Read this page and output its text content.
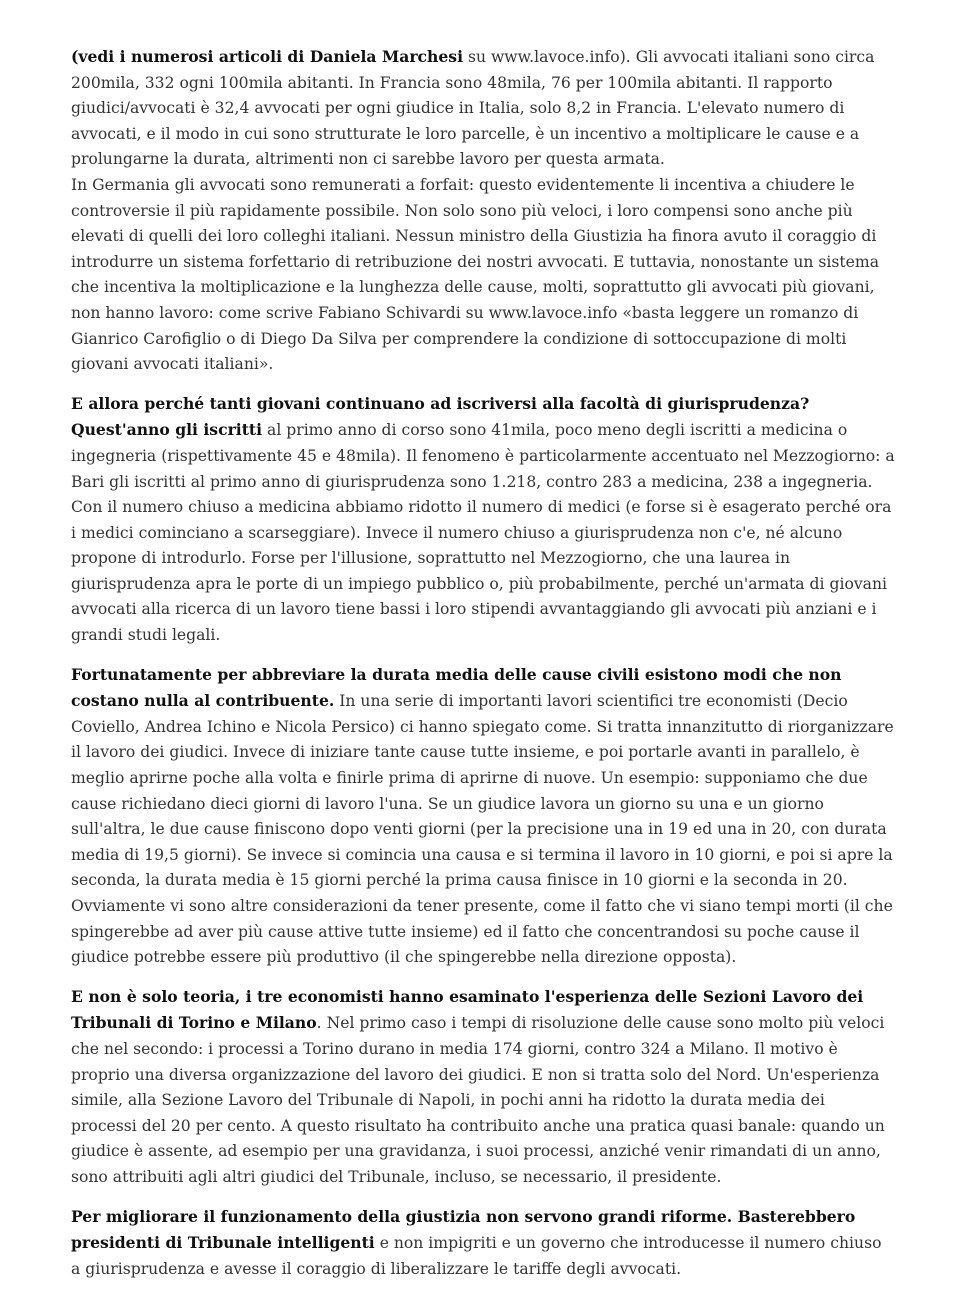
(vedi i numerosi articoli di Daniela Marchesi su www.lavoce.info). Gli avvocati italiani sono circa 200mila, 332 ogni 100mila abitanti. In Francia sono 48mila, 76 per 100mila abitanti. Il rapporto giudici/avvocati è 32,4 avvocati per ogni giudice in Italia, solo 8,2 in Francia. L'elevato numero di avvocati, e il modo in cui sono strutturate le loro parcelle, è un incentivo a moltiplicare le cause e a prolungarne la durata, altrimenti non ci sarebbe lavoro per questa armata.
In Germania gli avvocati sono remunerati a forfait: questo evidentemente li incentiva a chiudere le controversie il più rapidamente possibile. Non solo sono più veloci, i loro compensi sono anche più elevati di quelli dei loro colleghi italiani. Nessun ministro della Giustizia ha finora avuto il coraggio di introdurre un sistema forfettario di retribuzione dei nostri avvocati. E tuttavia, nonostante un sistema che incentiva la moltiplicazione e la lunghezza delle cause, molti, soprattutto gli avvocati più giovani, non hanno lavoro: come scrive Fabiano Schivardi su www.lavoce.info «basta leggere un romanzo di Gianrico Carofiglio o di Diego Da Silva per comprendere la condizione di sottoccupazione di molti giovani avvocati italiani».

E allora perché tanti giovani continuano ad iscriversi alla facoltà di giurisprudenza? Quest'anno gli iscritti al primo anno di corso sono 41mila, poco meno degli iscritti a medicina o ingegneria (rispettivamente 45 e 48mila). Il fenomeno è particolarmente accentuato nel Mezzogiorno: a Bari gli iscritti al primo anno di giurisprudenza sono 1.218, contro 283 a medicina, 238 a ingegneria. Con il numero chiuso a medicina abbiamo ridotto il numero di medici (e forse si è esagerato perché ora i medici cominciano a scarseggiare). Invece il numero chiuso a giurisprudenza non c'e, né alcuno propone di introdurlo. Forse per l'illusione, soprattutto nel Mezzogiorno, che una laurea in giurisprudenza apra le porte di un impiego pubblico o, più probabilmente, perché un'armata di giovani avvocati alla ricerca di un lavoro tiene bassi i loro stipendi avvantaggiando gli avvocati più anziani e i grandi studi legali.

Fortunatamente per abbreviare la durata media delle cause civili esistono modi che non costano nulla al contribuente. In una serie di importanti lavori scientifici tre economisti (Decio Coviello, Andrea Ichino e Nicola Persico) ci hanno spiegato come. Si tratta innanzitutto di riorganizzare il lavoro dei giudici. Invece di iniziare tante cause tutte insieme, e poi portarle avanti in parallelo, è meglio aprirne poche alla volta e finirle prima di aprirne di nuove. Un esempio: supponiamo che due cause richiedano dieci giorni di lavoro l'una. Se un giudice lavora un giorno su una e un giorno sull'altra, le due cause finiscono dopo venti giorni (per la precisione una in 19 ed una in 20, con durata media di 19,5 giorni). Se invece si comincia una causa e si termina il lavoro in 10 giorni, e poi si apre la seconda, la durata media è 15 giorni perché la prima causa finisce in 10 giorni e la seconda in 20. Ovviamente vi sono altre considerazioni da tener presente, come il fatto che vi siano tempi morti (il che spingerebbe ad aver più cause attive tutte insieme) ed il fatto che concentrandosi su poche cause il giudice potrebbe essere più produttivo (il che spingerebbe nella direzione opposta).

E non è solo teoria, i tre economisti hanno esaminato l'esperienza delle Sezioni Lavoro dei Tribunali di Torino e Milano. Nel primo caso i tempi di risoluzione delle cause sono molto più veloci che nel secondo: i processi a Torino durano in media 174 giorni, contro 324 a Milano. Il motivo è proprio una diversa organizzazione del lavoro dei giudici. E non si tratta solo del Nord. Un'esperienza simile, alla Sezione Lavoro del Tribunale di Napoli, in pochi anni ha ridotto la durata media dei processi del 20 per cento. A questo risultato ha contribuito anche una pratica quasi banale: quando un giudice è assente, ad esempio per una gravidanza, i suoi processi, anziché venir rimandati di un anno, sono attribuiti agli altri giudici del Tribunale, incluso, se necessario, il presidente.

Per migliorare il funzionamento della giustizia non servono grandi riforme. Basterebbero presidenti di Tribunale intelligenti e non impigriti e un governo che introducesse il numero chiuso a giurisprudenza e avesse il coraggio di liberalizzare le tariffe degli avvocati.
